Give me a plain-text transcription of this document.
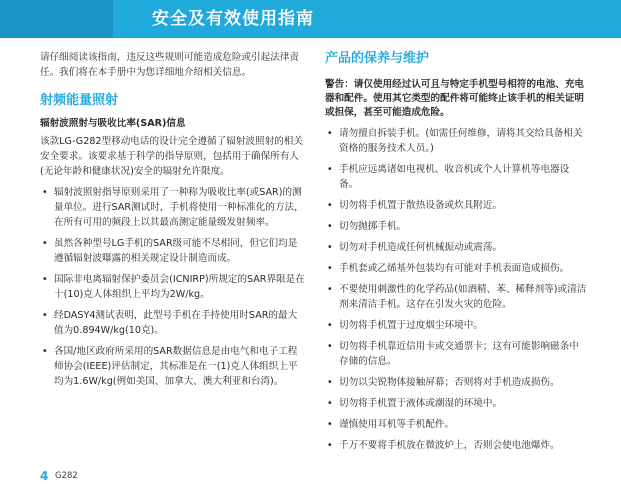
安全及有效使用指南

请仔细阅读该指南，违反这些规则可能造成危险或引起法律责任。我们将在本手册中为您详细地介绍相关信息。

射频能量照射
辐射波照射与吸收比率(SAR)信息

该款LG-G282型移动电话的设计完全遵循了辐射波照射的相关安全要求。该要求基于科学的指导原则，包括用于确保所有人(无论年龄和健康状况)安全的辐射允许限度。

• 辐射波照射指导原则采用了一种称为吸收比率(或SAR)的测量单位。进行SAR测试时，手机将使用一种标准化的方法，在所有可用的频段上以其最高测定能量级发射频率。
• 虽然各种型号LG手机的SAR级可能不尽相同，但它们均是遵循辐射波曝露的相关规定设计制造而成。
• 国际非电离辐射保护委员会(ICNIRP)所规定的SAR界限是在十(10)克人体组织上平均为2W/kg。
• 经DASY4测试表明，此型号手机在手持使用时SAR的最大值为0.894W/kg(10克)。
• 各国/地区政府所采用的SAR数据信息是由电气和电子工程师协会(IEEE)评估制定，其标准是在一(1)克人体组织上平均为1.6W/kg(例如美国、加拿大、澳大利亚和台湾)。
产品的保养与维护

警告：请仅使用经过认可且与特定手机型号相符的电池、充电器和配件。使用其它类型的配件将可能终止该手机的相关证明或担保，甚至可能造成危险。

• 请勿擅自拆装手机。(如需任何维修，请将其交给具备相关资格的服务技术人员。)
• 手机应远离诸如电视机、收音机或个人计算机等电器设备。
• 切勿将手机置于散热设备或炊具附近。
• 切勿抛掷手机。
• 切勿对手机造成任何机械振动或震荡。
• 手机套或乙烯基外包装均有可能对手机表面造成损伤。
• 不要使用刺激性的化学药品(如酒精、苯、稀释剂等)或清洁剂来清洁手机。这存在引发火灾的危险。
• 切勿将手机置于过度烟尘环境中。
• 切勿将手机靠近信用卡或交通票卡；这有可能影响磁条中存储的信息。
• 切勿以尖锐物体接触屏幕；否则将对手机造成损伤。
• 切勿将手机置于液体或潮湿的环境中。
• 谨慎使用耳机等手机配件。
• 千万不要将手机放在微波炉上，否则会使电池爆炸。
4 G282
